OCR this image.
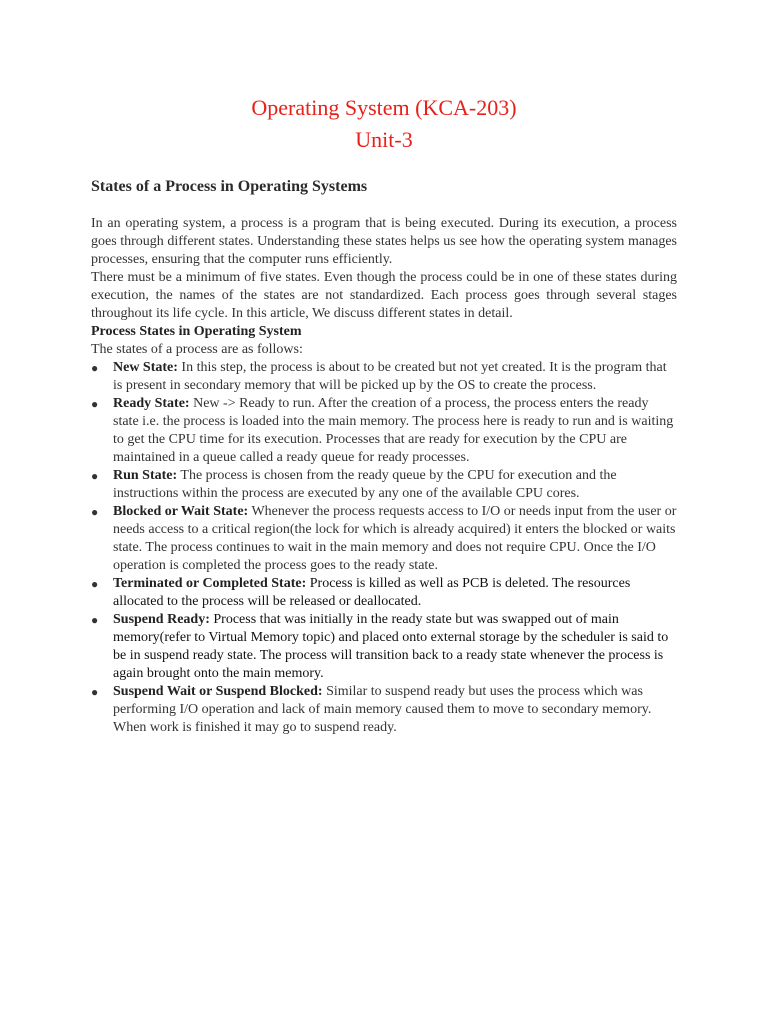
Operating System (KCA-203)
Unit-3
States of a Process in Operating Systems

In an operating system, a process is a program that is being executed. During its execution, a process goes through different states. Understanding these states helps us see how the operating system manages processes, ensuring that the computer runs efficiently.

There must be a minimum of five states. Even though the process could be in one of these states during execution, the names of the states are not standardized. Each process goes through several stages throughout its life cycle. In this article, We discuss different states in detail.

Process States in Operating System

The states of a process are as follows:

● New State: In this step, the process is about to be created but not yet created. It is the program that is present in secondary memory that will be picked up by the OS to create the process.
● Ready State: New -> Ready to run. After the creation of a process, the process enters the ready state i.e. the process is loaded into the main memory. The process here is ready to run and is waiting to get the CPU time for its execution. Processes that are ready for execution by the CPU are maintained in a queue called a ready queue for ready processes.
● Run State: The process is chosen from the ready queue by the CPU for execution and the instructions within the process are executed by any one of the available CPU cores.
● Blocked or Wait State: Whenever the process requests access to I/O or needs input from the user or needs access to a critical region(the lock for which is already acquired) it enters the blocked or waits state. The process continues to wait in the main memory and does not require CPU. Once the I/O operation is completed the process goes to the ready state.
● Terminated or Completed State: Process is killed as well as PCB is deleted. The resources allocated to the process will be released or deallocated.
● Suspend Ready: Process that was initially in the ready state but was swapped out of main memory(refer to Virtual Memory topic) and placed onto external storage by the scheduler is said to be in suspend ready state. The process will transition back to a ready state whenever the process is again brought onto the main memory.
● Suspend Wait or Suspend Blocked: Similar to suspend ready but uses the process which was performing I/O operation and lack of main memory caused them to move to secondary memory. When work is finished it may go to suspend ready.
